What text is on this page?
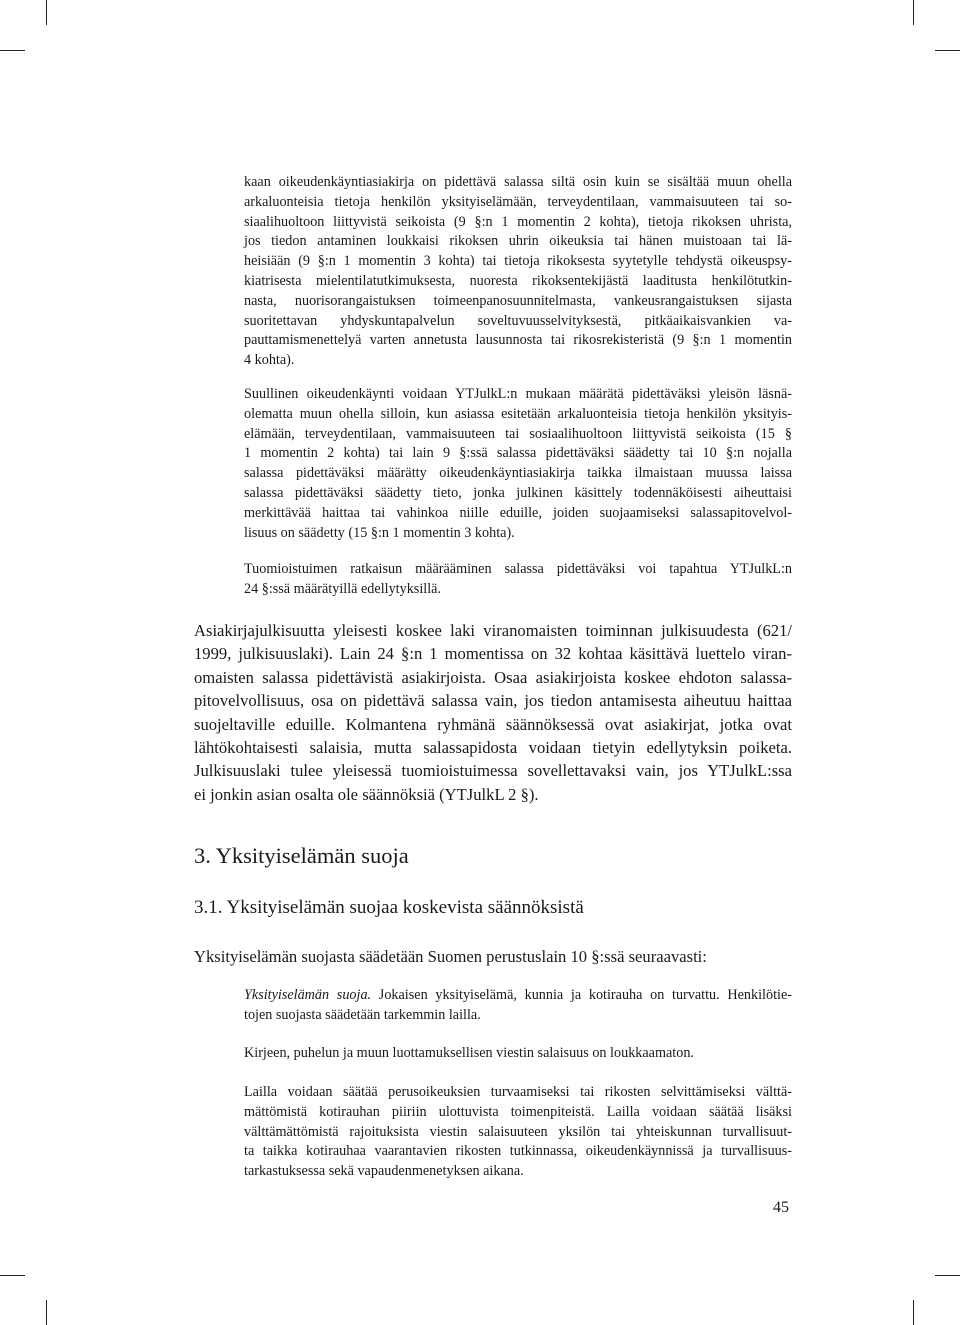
kaan oikeudenkäyntiasiakirja on pidettävä salassa siltä osin kuin se sisältää muun ohella
arkaluonteisia tietoja henkilön yksityiselämään, terveydentilaan, vammaisuuteen tai so-
siaalihuoltoon liittyvistä seikoista (9 §:n 1 momentin 2 kohta), tietoja rikoksen uhrista,
jos tiedon antaminen loukkaisi rikoksen uhrin oikeuksia tai hänen muistoaan tai lä-
heisiään (9 §:n 1 momentin 3 kohta) tai tietoja rikoksesta syytetylle tehdystä oikeuspsy-
kiatrisesta mielentilatutkimuksesta, nuoresta rikoksentekijästä laaditusta henkilötutkin-
nasta, nuorisorangaistuksen toimeenpanosuunnitelmasta, vankeusrangaistuksen sijasta
suoritettavan yhdyskuntapalvelun soveltuvuusselvityksestä, pitkäaikaisvankien va-
pauttamismenettelyä varten annetusta lausunnosta tai rikosrekisteristä (9 §:n 1 momentin
4 kohta).
Suullinen oikeudenkäynti voidaan YTJulkL:n mukaan määrätä pidettäväksi yleisön läsnä-
olematta muun ohella silloin, kun asiassa esitetään arkaluonteisia tietoja henkilön yksityis-
elämään, terveydentilaan, vammaisuuteen tai sosiaalihuoltoon liittyvistä seikoista (15 §
1 momentin 2 kohta) tai lain 9 §:ssä salassa pidettäväksi säädetty tai 10 §:n nojalla
salassa pidettäväksi määrätty oikeudenkäyntiasiakirja taikka ilmaistaan muussa laissa
salassa pidettäväksi säädetty tieto, jonka julkinen käsittely todennäköisesti aiheuttaisi
merkittävää haittaa tai vahinkoa niille eduille, joiden suojaamiseksi salassapitovelvol-
lisuus on säädetty (15 §:n 1 momentin 3 kohta).
Tuomioistuimen ratkaisun määrääminen salassa pidettäväksi voi tapahtua YTJulkL:n
24 §:ssä määrätyillä edellytyksillä.
Asiakirjajulkisuutta yleisesti koskee laki viranomaisten toiminnan julkisuudesta (621/
1999, julkisuuslaki). Lain 24 §:n 1 momentissa on 32 kohtaa käsittävä luettelo viran-
omaisten salassa pidettävistä asiakirjoista. Osaa asiakirjoista koskee ehdoton salassa-
pitovelvollisuus, osa on pidettävä salassa vain, jos tiedon antamisesta aiheutuu haittaa
suojeltaville eduille. Kolmantena ryhmänä säännöksessä ovat asiakirjat, jotka ovat
lähtökohtaisesti salaisia, mutta salassapidosta voidaan tietyin edellytyksin poiketa.
Julkisuuslaki tulee yleisessä tuomioistuimessa sovellettavaksi vain, jos YTJulkL:ssa
ei jonkin asian osalta ole säännöksiä (YTJulkL 2 §).
3. Yksityiselämän suoja
3.1. Yksityiselämän suojaa koskevista säännöksistä
Yksityiselämän suojasta säädetään Suomen perustuslain 10 §:ssä seuraavasti:
Yksityiselämän suoja. Jokaisen yksityiselämä, kunnia ja kotirauha on turvattu. Henkilötie-
tojen suojasta säädetään tarkemmin lailla.
Kirjeen, puhelun ja muun luottamuksellisen viestin salaisuus on loukkaamaton.
Lailla voidaan säätää perusoikeuksien turvaamiseksi tai rikosten selvittämiseksi välttä-
mättömistä kotirauhan piiriin ulottuvista toimenpiteistä. Lailla voidaan säätää lisäksi
välttämättömistä rajoituksista viestin salaisuuteen yksilön tai yhteiskunnan turvallisuut-
ta taikka kotirauhaa vaarantavien rikosten tutkinnassa, oikeudenkäynnissä ja turvallisuus-
tarkastuksessa sekä vapaudenmenetyksen aikana.
45
